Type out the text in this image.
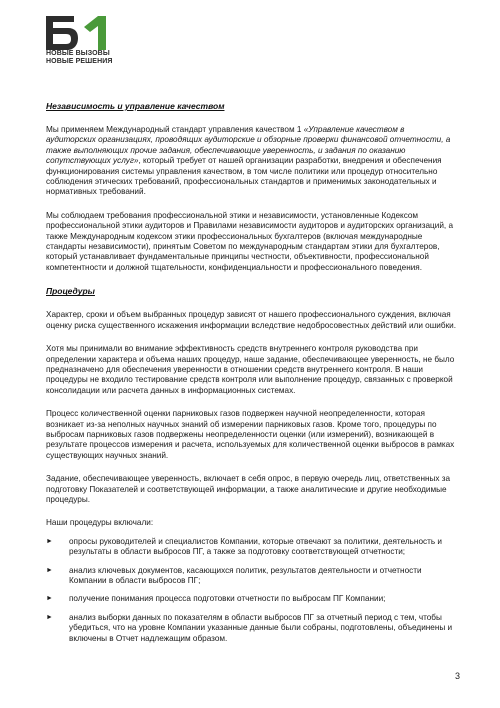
НОВЫЕ ВЫЗОВЫ
НОВЫЕ РЕШЕНИЯ
Независимость и управление качеством

Мы применяем Международный стандарт управления качеством 1 «Управление качеством в аудиторских организациях, проводящих аудиторские и обзорные проверки финансовой отчетности, а также выполняющих прочие задания, обеспечивающие уверенность, и задания по оказанию сопутствующих услуг», который требует от нашей организации разработки, внедрения и обеспечения функционирования системы управления качеством, в том числе политики или процедур относительно соблюдения этических требований, профессиональных стандартов и применимых законодательных и нормативных требований.

Мы соблюдаем требования профессиональной этики и независимости, установленные Кодексом профессиональной этики аудиторов и Правилами независимости аудиторов и аудиторских организаций, а также Международным кодексом этики профессиональных бухгалтеров (включая международные стандарты независимости), принятым Советом по международным стандартам этики для бухгалтеров, который устанавливает фундаментальные принципы честности, объективности, профессиональной компетентности и должной тщательности, конфиденциальности и профессионального поведения.

Процедуры

Характер, сроки и объем выбранных процедур зависят от нашего профессионального суждения, включая оценку риска существенного искажения информации вследствие недобросовестных действий или ошибки.

Хотя мы принимали во внимание эффективность средств внутреннего контроля руководства при определении характера и объема наших процедур, наше задание, обеспечивающее уверенность, не было предназначено для обеспечения уверенности в отношении средств внутреннего контроля. В наши процедуры не входило тестирование средств контроля или выполнение процедур, связанных с проверкой консолидации или расчета данных в информационных системах.

Процесс количественной оценки парниковых газов подвержен научной неопределенности, которая возникает из-за неполных научных знаний об измерении парниковых газов. Кроме того, процедуры по выбросам парниковых газов подвержены неопределенности оценки (или измерений), возникающей в результате процессов измерения и расчета, используемых для количественной оценки выбросов в рамках существующих научных знаний.

Задание, обеспечивающее уверенность, включает в себя опрос, в первую очередь лиц, ответственных за подготовку Показателей и соответствующей информации, а также аналитические и другие необходимые процедуры.

Наши процедуры включали:

► опросы руководителей и специалистов Компании, которые отвечают за политики, деятельность и результаты в области выбросов ПГ, а также за подготовку соответствующей отчетности;
► анализ ключевых документов, касающихся политик, результатов деятельности и отчетности Компании в области выбросов ПГ;
► получение понимания процесса подготовки отчетности по выбросам ПГ Компании;
► анализ выборки данных по показателям в области выбросов ПГ за отчетный период с тем, чтобы убедиться, что на уровне Компании указанные данные были собраны, подготовлены, объединены и включены в Отчет надлежащим образом.
3
